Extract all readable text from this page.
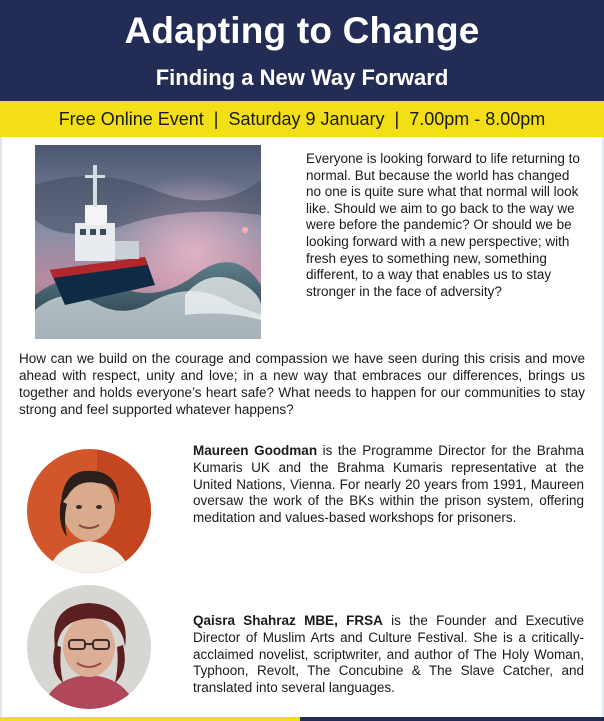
Adapting to Change
Finding a New Way Forward
Free Online Event  |  Saturday 9 January  |  7.00pm - 8.00pm
Everyone is looking forward to life returning to normal. But because the world has changed no one is quite sure what that normal will look like. Should we aim to go back to the way we were before the pandemic? Or should we be looking forward with a new perspective; with fresh eyes to something new, something different, to a way that enables us to stay stronger in the face of adversity?
How can we build on the courage and compassion we have seen during this crisis and move ahead with respect, unity and love; in a new way that embraces our differences, brings us together and holds everyone’s heart safe? What needs to happen for our communities to stay strong and feel supported whatever happens?
Maureen Goodman is the Programme Director for the Brahma Kumaris UK and the Brahma Kumaris representative at the United Nations, Vienna. For nearly 20 years from 1991, Maureen oversaw the work of the BKs within the prison system, offering meditation and values-based workshops for prisoners.
Qaisra Shahraz MBE, FRSA is the Founder and Executive Director of Muslim Arts and Culture Festival. She is a critically-acclaimed novelist, scriptwriter, and author of The Holy Woman, Typhoon, Revolt, The Concubine & The Slave Catcher, and translated into several languages.
